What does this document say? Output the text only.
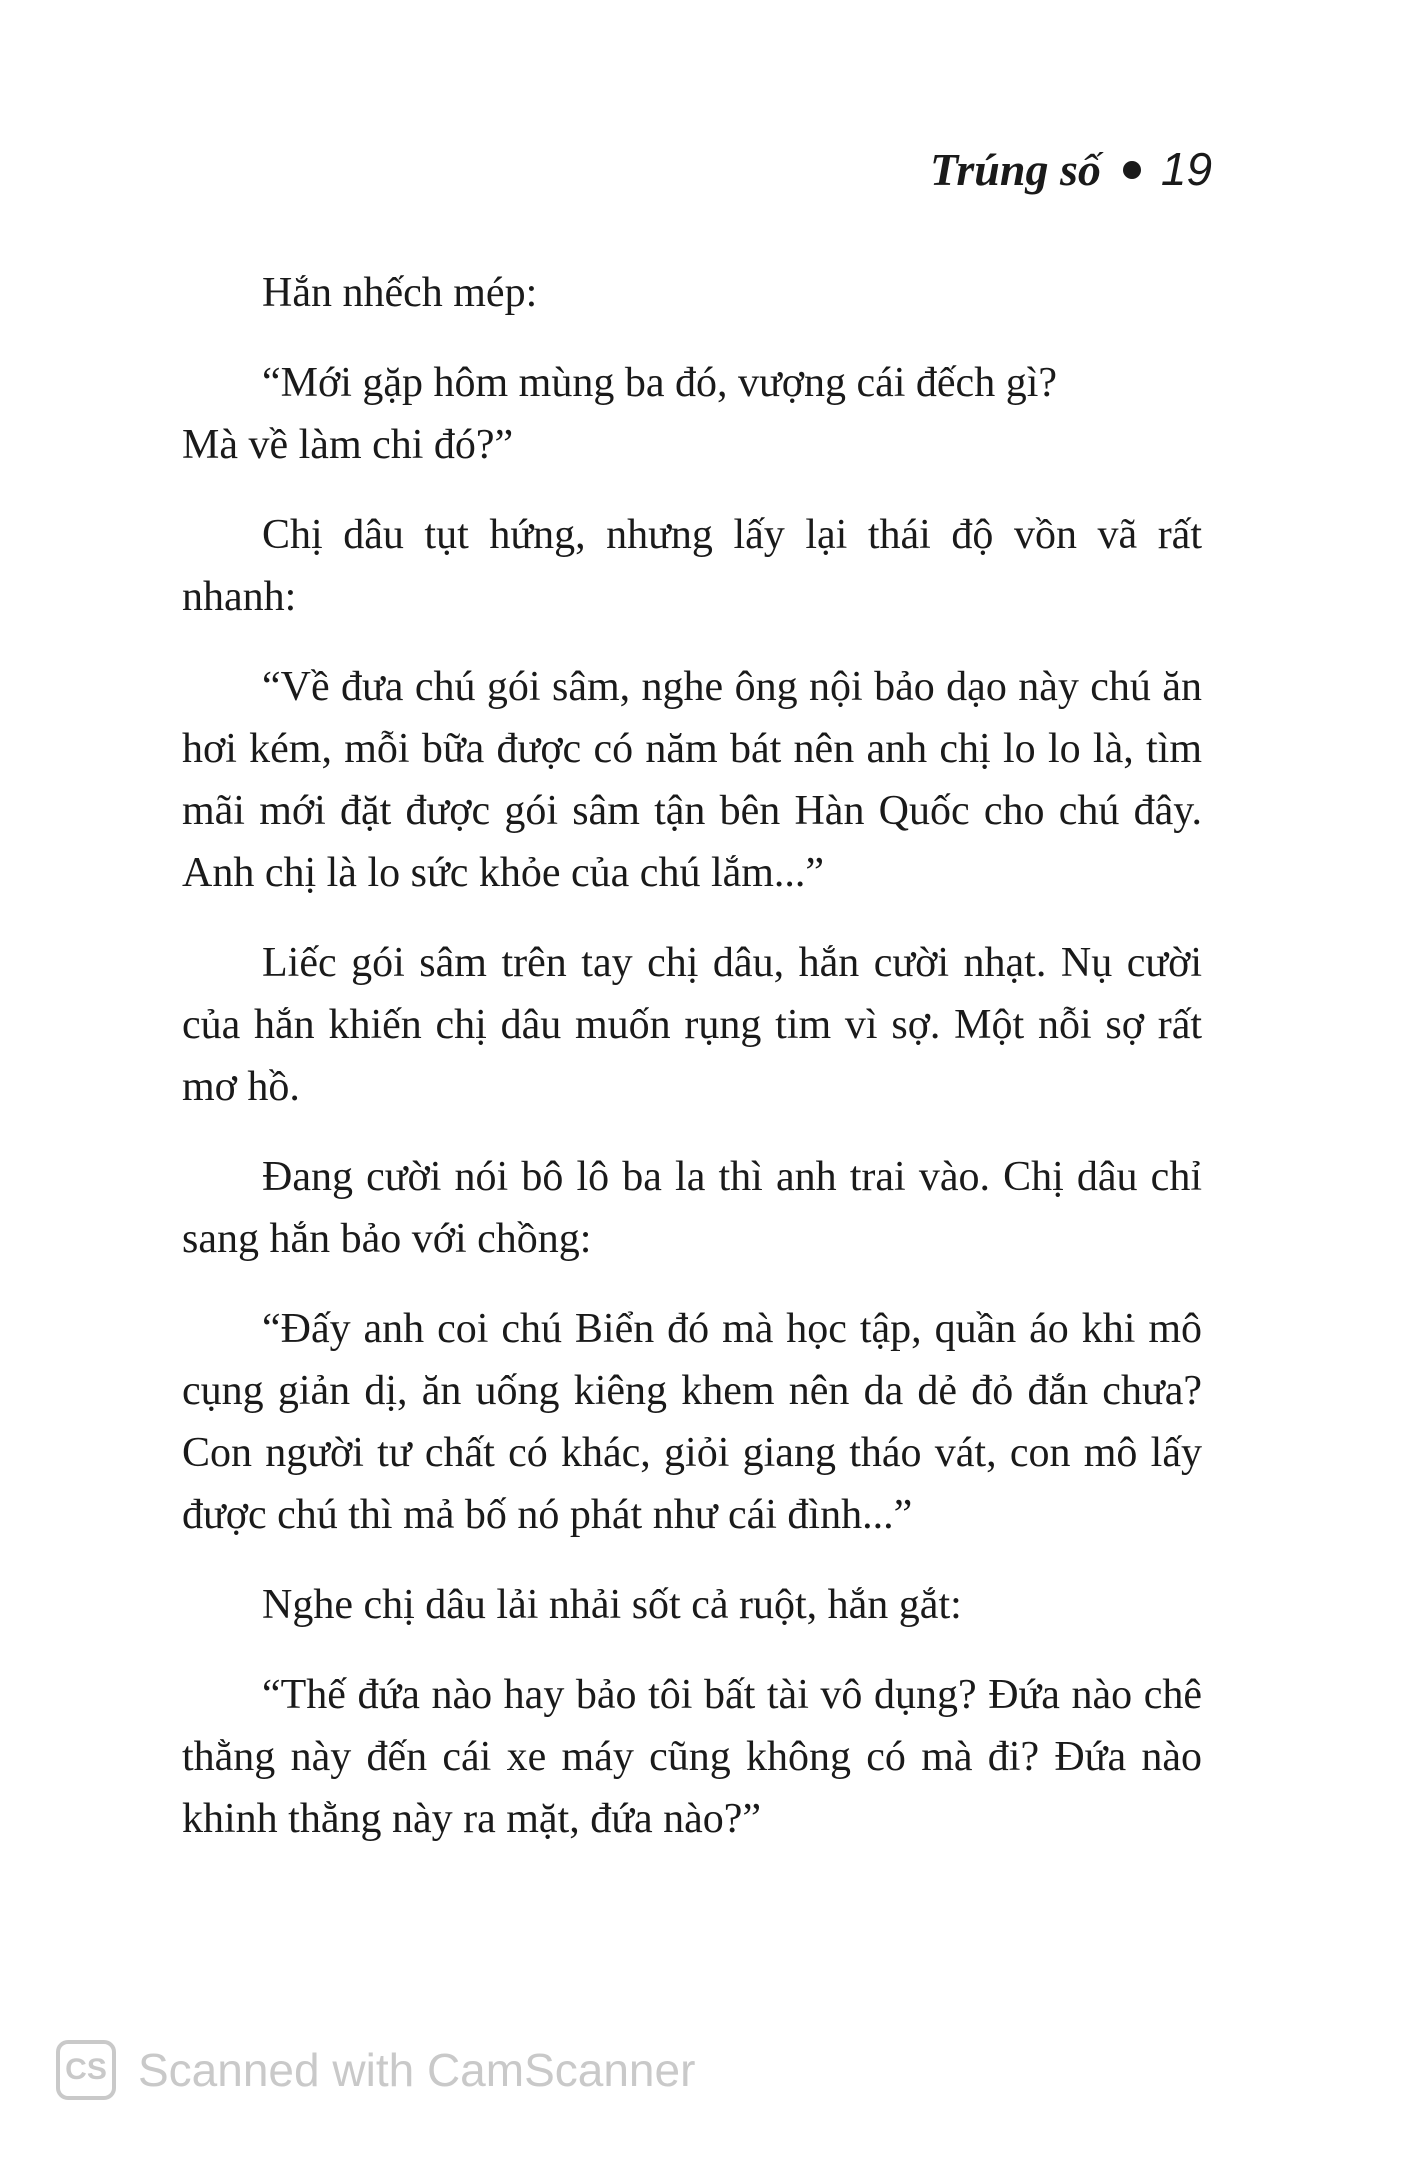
Trúng số 19

Hắn nhếch mép:

“Mới gặp hôm mùng ba đó, vượng cái đếch gì?
Mà về làm chi đó?”

Chị dâu tụt hứng, nhưng lấy lại thái độ vồn vã rất nhanh:

“Về đưa chú gói sâm, nghe ông nội bảo dạo này chú ăn hơi kém, mỗi bữa được có năm bát nên anh chị lo lo là, tìm mãi mới đặt được gói sâm tận bên Hàn Quốc cho chú đây. Anh chị là lo sức khỏe của chú lắm...”

Liếc gói sâm trên tay chị dâu, hắn cười nhạt. Nụ cười của hắn khiến chị dâu muốn rụng tim vì sợ. Một nỗi sợ rất mơ hồ.

Đang cười nói bô lô ba la thì anh trai vào. Chị dâu chỉ sang hắn bảo với chồng:

“Đấy anh coi chú Biển đó mà học tập, quần áo khi mô cụng giản dị, ăn uống kiêng khem nên da dẻ đỏ đắn chưa? Con người tư chất có khác, giỏi giang tháo vát, con mô lấy được chú thì mả bố nó phát như cái đình...”

Nghe chị dâu lải nhải sốt cả ruột, hắn gắt:

“Thế đứa nào hay bảo tôi bất tài vô dụng? Đứa nào chê thằng này đến cái xe máy cũng không có mà đi? Đứa nào khinh thằng này ra mặt, đứa nào?”

CS Scanned with CamScanner
